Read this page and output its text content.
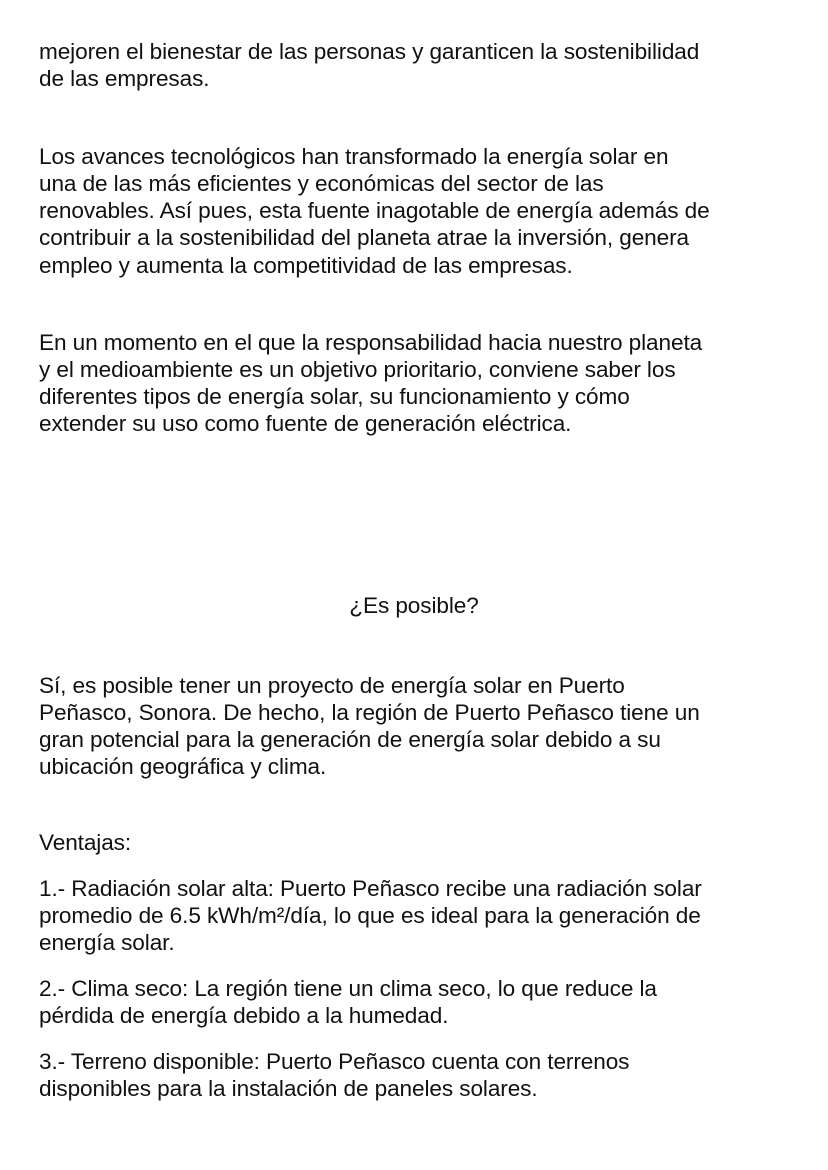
mejoren el bienestar de las personas y garanticen la sostenibilidad
de las empresas.
Los avances tecnológicos han transformado la energía solar en
una de las más eficientes y económicas del sector de las
renovables. Así pues, esta fuente inagotable de energía además de
contribuir a la sostenibilidad del planeta atrae la inversión, genera
empleo y aumenta la competitividad de las empresas.
En un momento en el que la responsabilidad hacia nuestro planeta
y el medioambiente es un objetivo prioritario, conviene saber los
diferentes tipos de energía solar, su funcionamiento y cómo
extender su uso como fuente de generación eléctrica.
¿Es posible?
Sí, es posible tener un proyecto de energía solar en Puerto
Peñasco, Sonora. De hecho, la región de Puerto Peñasco tiene un
gran potencial para la generación de energía solar debido a su
ubicación geográfica y clima.
Ventajas:
1.- Radiación solar alta: Puerto Peñasco recibe una radiación solar
promedio de 6.5 kWh/m²/día, lo que es ideal para la generación de
energía solar.
2.- Clima seco: La región tiene un clima seco, lo que reduce la
pérdida de energía debido a la humedad.
3.- Terreno disponible: Puerto Peñasco cuenta con terrenos
disponibles para la instalación de paneles solares.
